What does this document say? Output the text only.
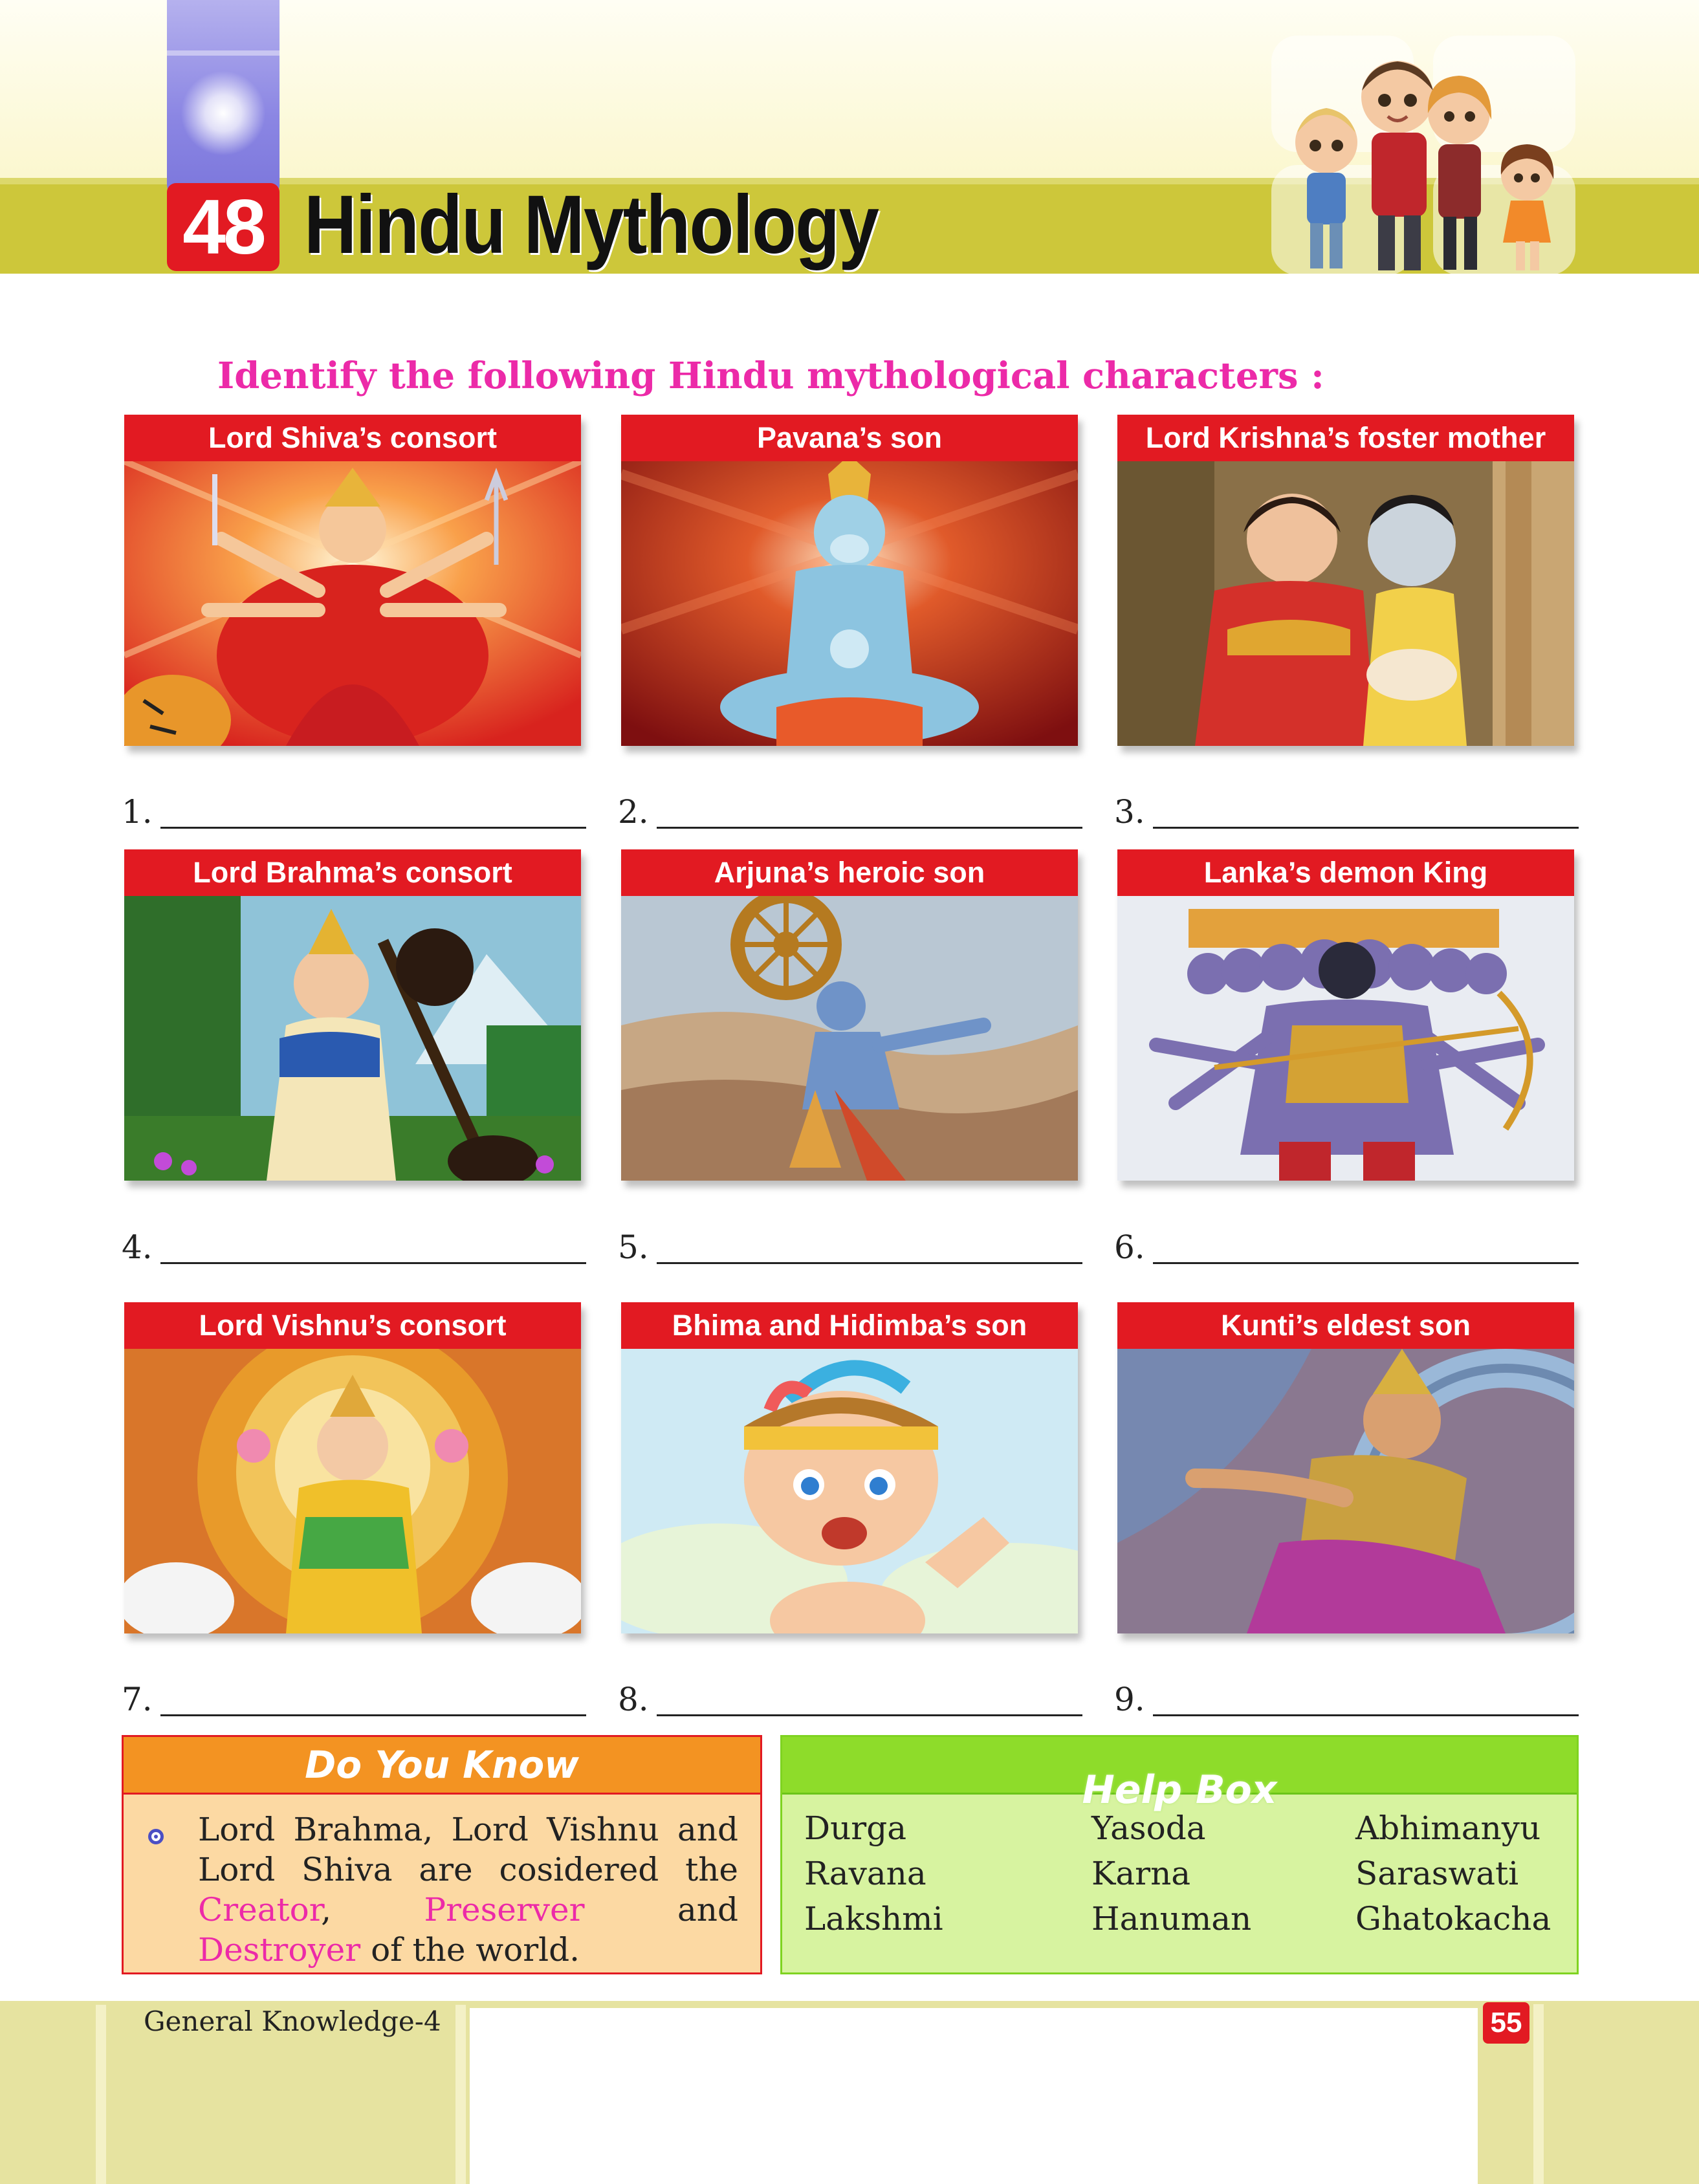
48 Hindu Mythology
Identify the following Hindu mythological characters :
Lord Shiva’s consort	Pavana’s son	Lord Krishna’s foster mother
1.	2.	3.
Lord Brahma’s consort	Arjuna’s heroic son	Lanka’s demon King
4.	5.	6.
Lord Vishnu’s consort	Bhima and Hidimba’s son	Kunti’s eldest son
7.	8.	9.
Do You Know
Lord Brahma, Lord Vishnu and Lord Shiva are cosidered the Creator, Preserver and Destroyer of the world.
Help Box
Durga	Yasoda	Abhimanyu
Ravana	Karna	Saraswati
Lakshmi	Hanuman	Ghatokacha
General Knowledge-4	55
